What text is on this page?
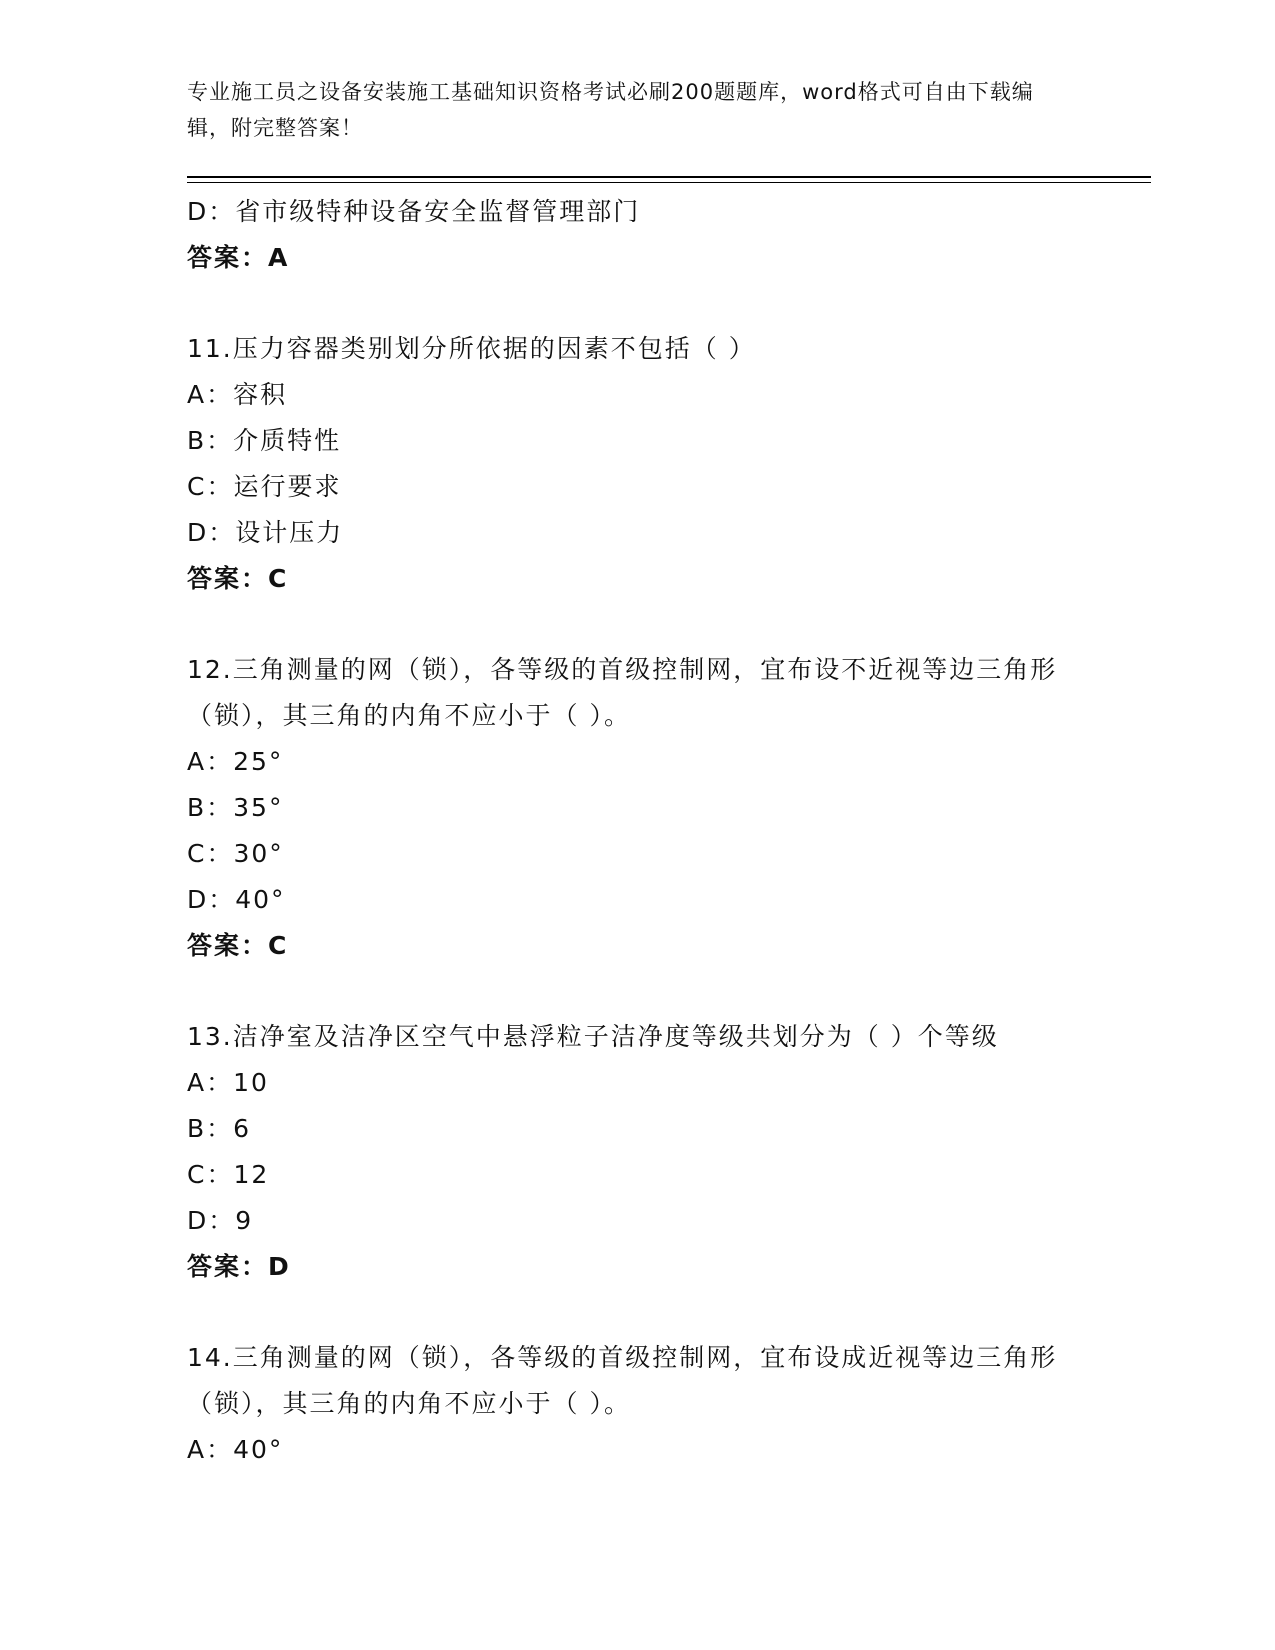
专业施工员之设备安装施工基础知识资格考试必刷200题题库，word格式可自由下载编辑，附完整答案！
D：省市级特种设备安全监督管理部门
答案：A
11.压力容器类别划分所依据的因素不包括（ ）
A：容积
B：介质特性
C：运行要求
D：设计压力
答案：C
12.三角测量的网（锁），各等级的首级控制网，宜布设不近视等边三角形（锁），其三角的内角不应小于（ ）。
A：25°
B：35°
C：30°
D：40°
答案：C
13.洁净室及洁净区空气中悬浮粒子洁净度等级共划分为（ ）个等级
A：10
B：6
C：12
D：9
答案：D
14.三角测量的网（锁），各等级的首级控制网，宜布设成近视等边三角形（锁），其三角的内角不应小于（ ）。
A：40°
